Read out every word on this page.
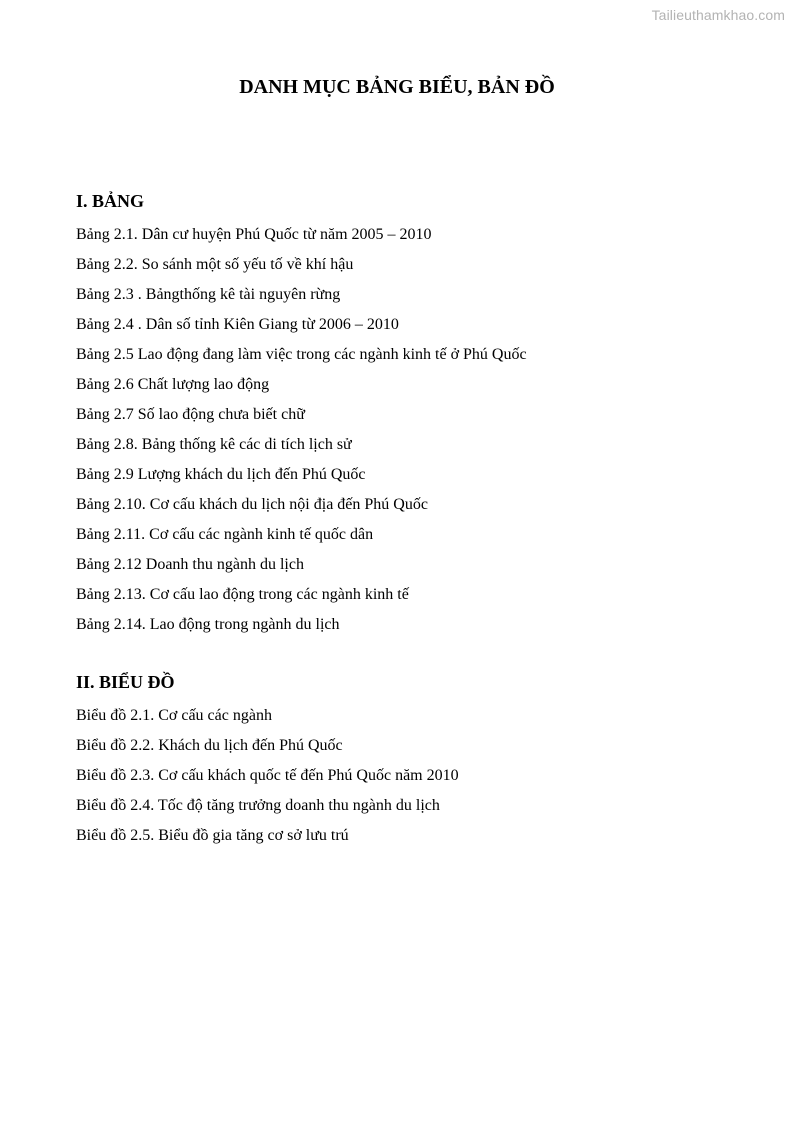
Tailieuthamkhao.com
DANH MỤC BẢNG BIỂU, BẢN ĐỒ
I. BẢNG
Bảng 2.1. Dân cư huyện Phú Quốc từ năm 2005 – 2010
Bảng 2.2. So sánh một số yếu tố về khí hậu
Bảng 2.3 . Bảngthống kê tài nguyên rừng
Bảng 2.4 . Dân số tỉnh Kiên Giang từ 2006 – 2010
Bảng 2.5 Lao động đang làm việc trong các ngành kinh tế ở Phú Quốc
Bảng 2.6 Chất lượng lao động
Bảng 2.7 Số lao động chưa biết chữ
Bảng 2.8. Bảng thống kê các di tích lịch sử
Bảng 2.9 Lượng khách du lịch đến Phú Quốc
Bảng 2.10. Cơ cấu khách du lịch nội địa đến Phú Quốc
Bảng 2.11. Cơ cấu các ngành kinh tế quốc dân
Bảng 2.12 Doanh thu ngành du lịch
Bảng 2.13. Cơ cấu lao động trong các ngành kinh tế
Bảng 2.14. Lao động trong ngành du lịch
II. BIỂU ĐỒ
Biểu đồ 2.1. Cơ cấu các ngành
Biểu đồ 2.2. Khách du lịch đến Phú Quốc
Biểu đồ 2.3. Cơ cấu khách quốc tế đến Phú Quốc năm 2010
Biểu đồ 2.4. Tốc độ tăng trưởng doanh thu ngành du lịch
Biểu đồ 2.5. Biểu đồ gia tăng cơ sở lưu trú
